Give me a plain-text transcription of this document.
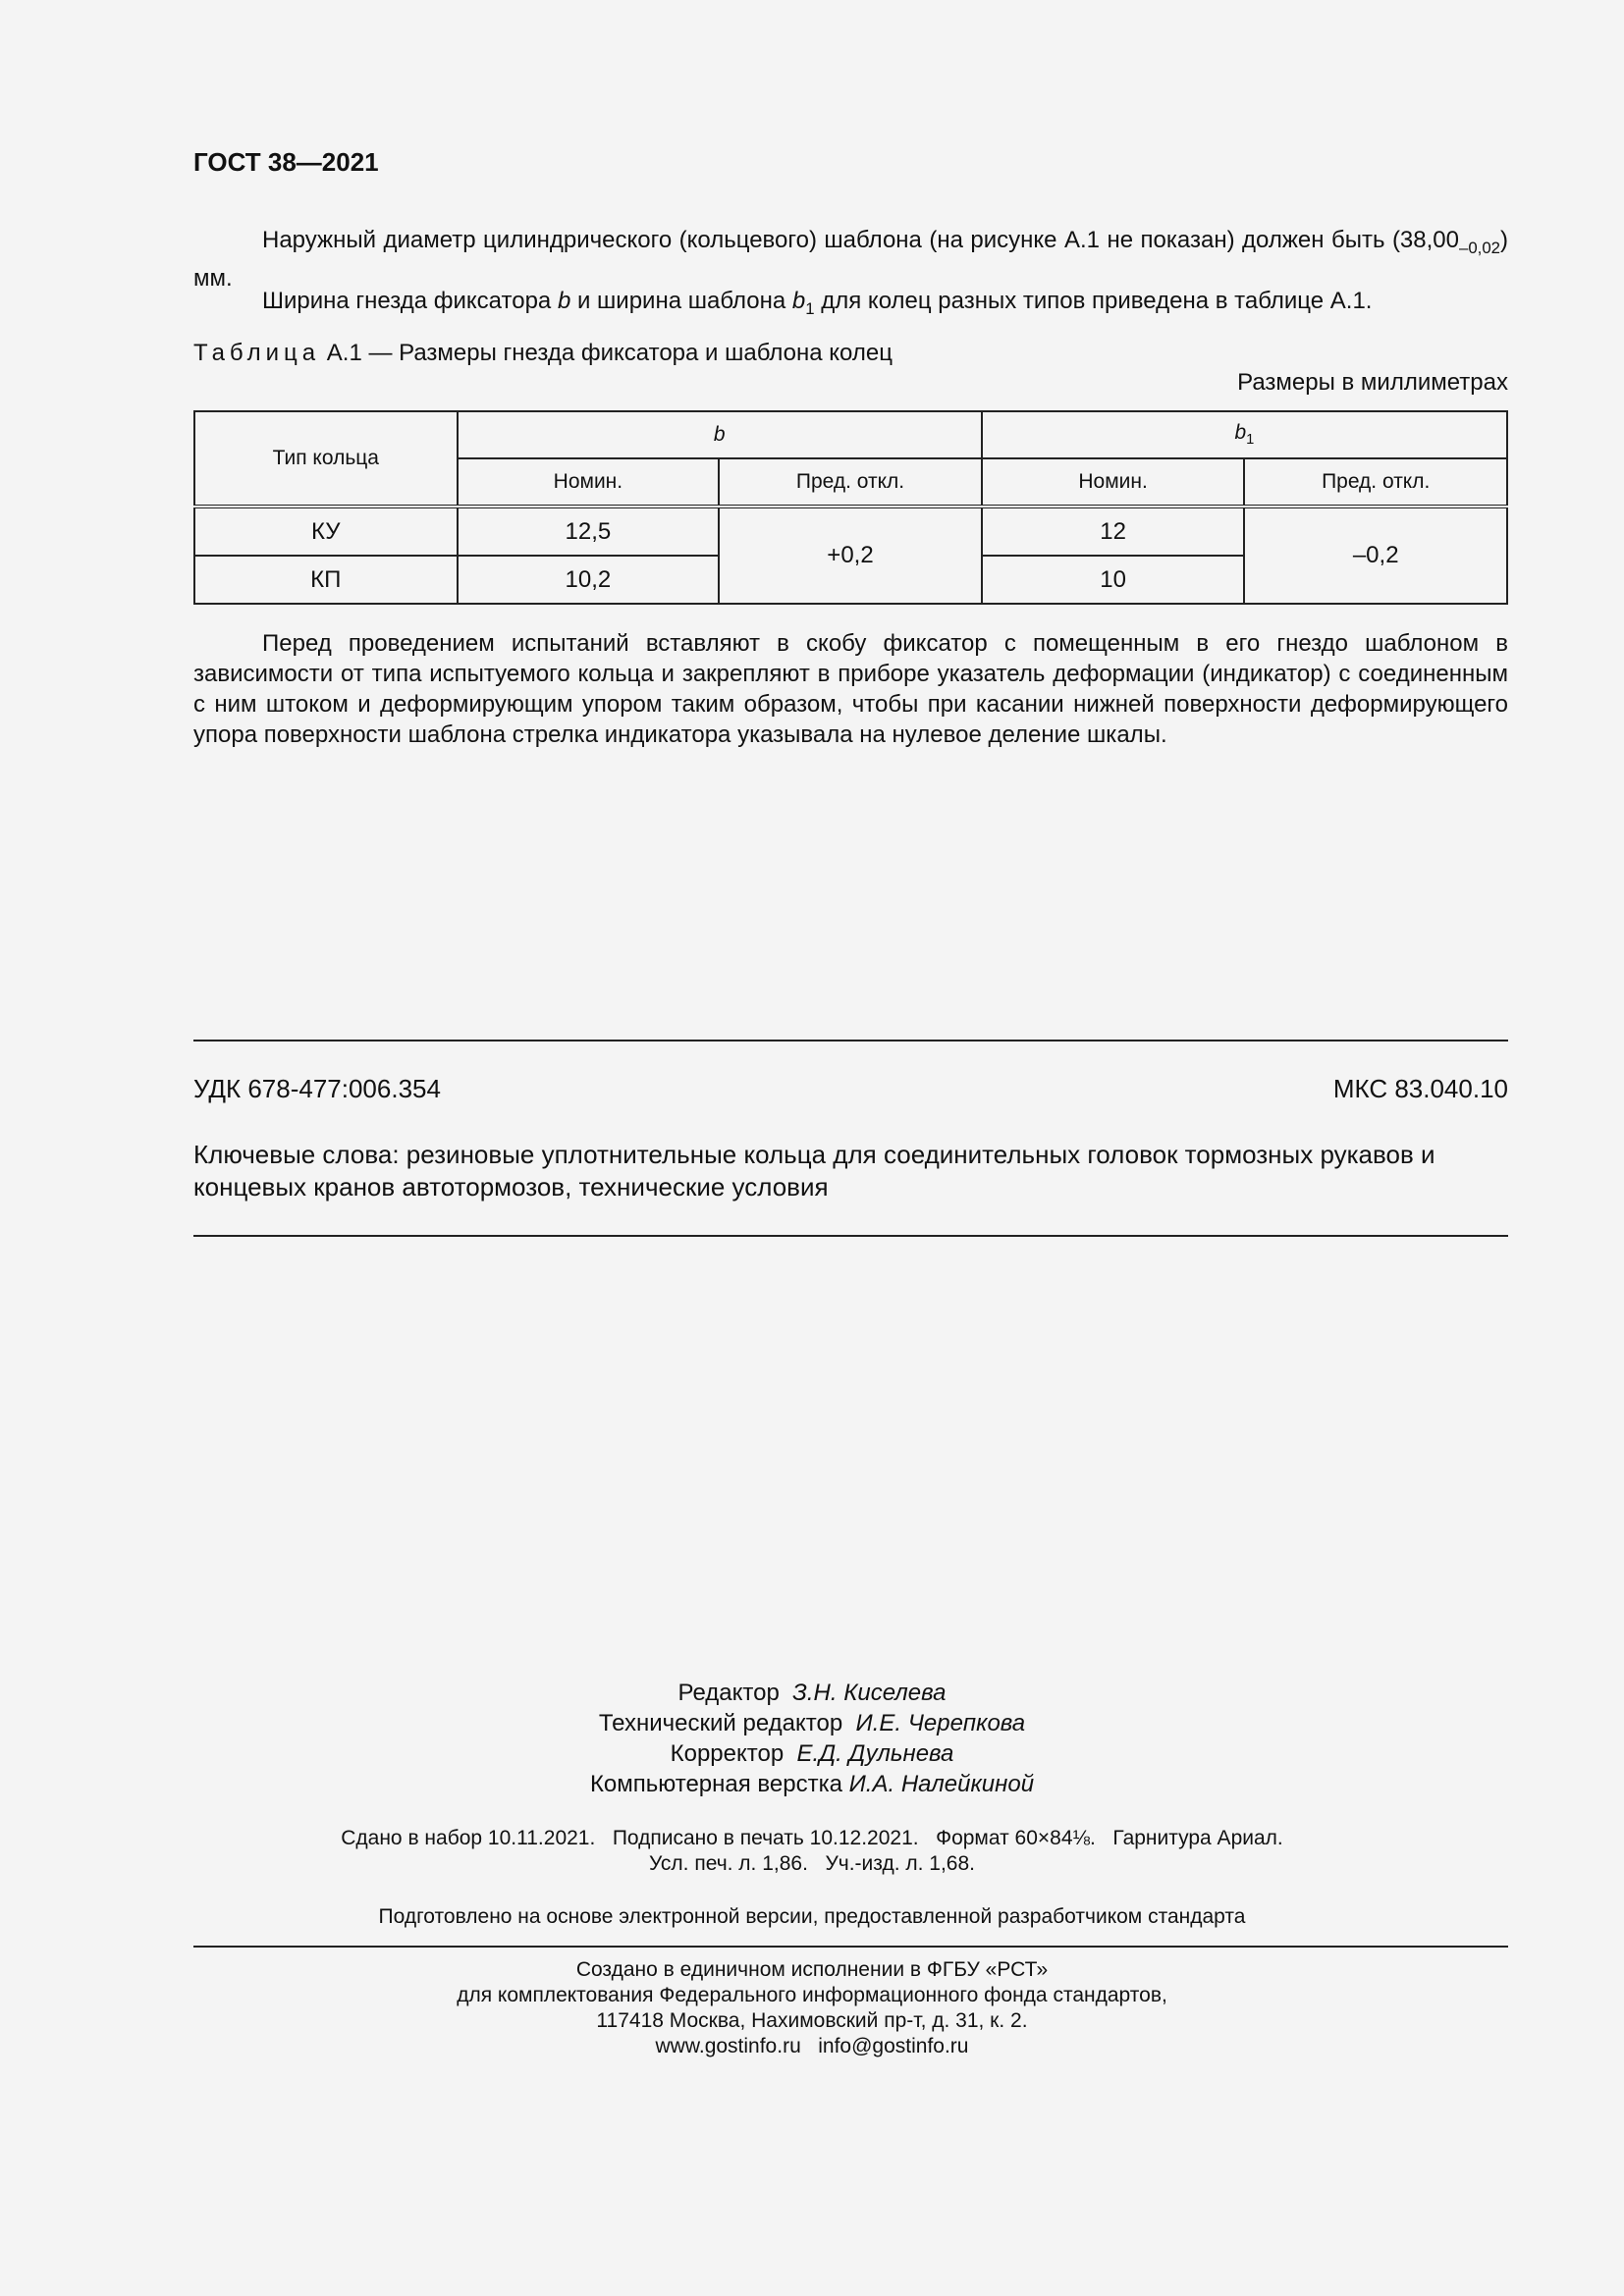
ГОСТ 38—2021
Наружный диаметр цилиндрического (кольцевого) шаблона (на рисунке А.1 не показан) должен быть $(38,00_{-0,02})$ мм.
Ширина гнезда фиксатора b и ширина шаблона $b_1$ для колец разных типов приведена в таблице А.1.
Таблица А.1 — Размеры гнезда фиксатора и шаблона колец
Размеры в миллиметрах
Тип кольца	b		$b_1$
	Номин.	Пред. откл.	Номин.	Пред. откл.
КУ	12,5	+0,2	12	–0,2
КП	10,2		10	
Перед проведением испытаний вставляют в скобу фиксатор с помещенным в его гнездо шаблоном в зависимости от типа испытуемого кольца и закрепляют в приборе указатель деформации (индикатор) с соединенным с ним штоком и деформирующим упором таким образом, чтобы при касании нижней поверхности деформирующего упора поверхности шаблона стрелка индикатора указывала на нулевое деление шкалы.
УДК 678-477:006.354	МКС 83.040.10
Ключевые слова: резиновые уплотнительные кольца для соединительных головок тормозных рукавов и концевых кранов автотормозов, технические условия
Редактор З.Н. Киселева
Технический редактор И.Е. Черепкова
Корректор Е.Д. Дульнева
Компьютерная верстка И.А. Налейкиной
Сдано в набор 10.11.2021.   Подписано в печать 10.12.2021.   Формат 60×84⅛.   Гарнитура Ариал.
Усл. печ. л. 1,86.   Уч.-изд. л. 1,68.
Подготовлено на основе электронной версии, предоставленной разработчиком стандарта
Создано в единичном исполнении в ФГБУ «РСТ»
для комплектования Федерального информационного фонда стандартов,
117418 Москва, Нахимовский пр-т, д. 31, к. 2.
www.gostinfo.ru   info@gostinfo.ru
